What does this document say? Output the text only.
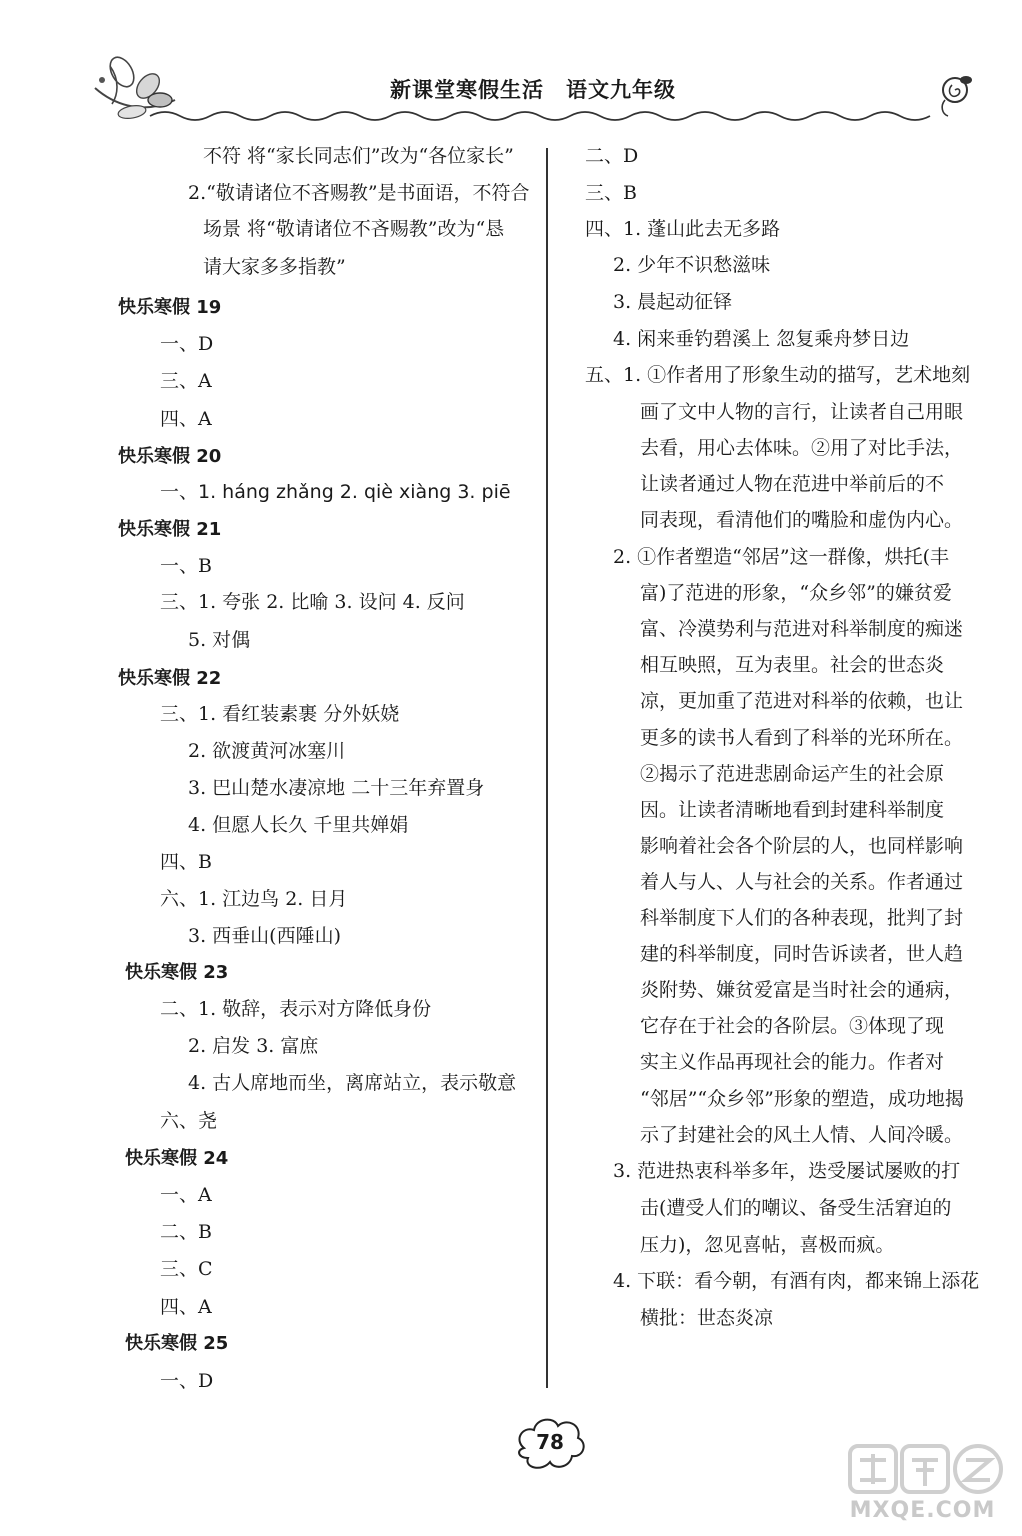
新课堂寒假生活 语文九年级
不符 将“家长同志们”改为“各位家长”
2.“敬请诸位不吝赐教”是书面语，不符合
场景 将“敬请诸位不吝赐教”改为“恳
请大家多多指教”
快乐寒假 19
一、D
三、A
四、A
快乐寒假 20
一、1. háng zhǎng 2. qiè xiàng 3. piē
快乐寒假 21
一、B
三、1. 夸张 2. 比喻 3. 设问 4. 反问
5. 对偶
快乐寒假 22
三、1. 看红装素裹 分外妖娆
2. 欲渡黄河冰塞川
3. 巴山楚水凄凉地 二十三年弃置身
4. 但愿人长久 千里共婵娟
四、B
六、1. 江边鸟 2. 日月
3. 西垂山(西陲山)
快乐寒假 23
二、1. 敬辞，表示对方降低身份
2. 启发 3. 富庶
4. 古人席地而坐，离席站立，表示敬意
六、尧
快乐寒假 24
一、A
二、B
三、C
四、A
快乐寒假 25
一、D
二、D
三、B
四、1. 蓬山此去无多路
2. 少年不识愁滋味
3. 晨起动征铎
4. 闲来垂钓碧溪上 忽复乘舟梦日边
五、1. ①作者用了形象生动的描写，艺术地刻
画了文中人物的言行，让读者自己用眼
去看，用心去体味。②用了对比手法，
让读者通过人物在范进中举前后的不
同表现，看清他们的嘴脸和虚伪内心。
2. ①作者塑造“邻居”这一群像，烘托(丰
富)了范进的形象，“众乡邻”的嫌贫爱
富、冷漠势利与范进对科举制度的痴迷
相互映照，互为表里。社会的世态炎
凉，更加重了范进对科举的依赖，也让
更多的读书人看到了科举的光环所在。
②揭示了范进悲剧命运产生的社会原
因。让读者清晰地看到封建科举制度
影响着社会各个阶层的人，也同样影响
着人与人、人与社会的关系。作者通过
科举制度下人们的各种表现，批判了封
建的科举制度，同时告诉读者，世人趋
炎附势、嫌贫爱富是当时社会的通病，
它存在于社会的各阶层。③体现了现
实主义作品再现社会的能力。作者对
“邻居”“众乡邻”形象的塑造，成功地揭
示了封建社会的风土人情、人间冷暖。
3. 范进热衷科举多年，迭受屡试屡败的打
击(遭受人们的嘲议、备受生活窘迫的
压力)，忽见喜帖，喜极而疯。
4. 下联：看今朝，有酒有肉，都来锦上添花
横批：世态炎凉
78
MXQE.COM
